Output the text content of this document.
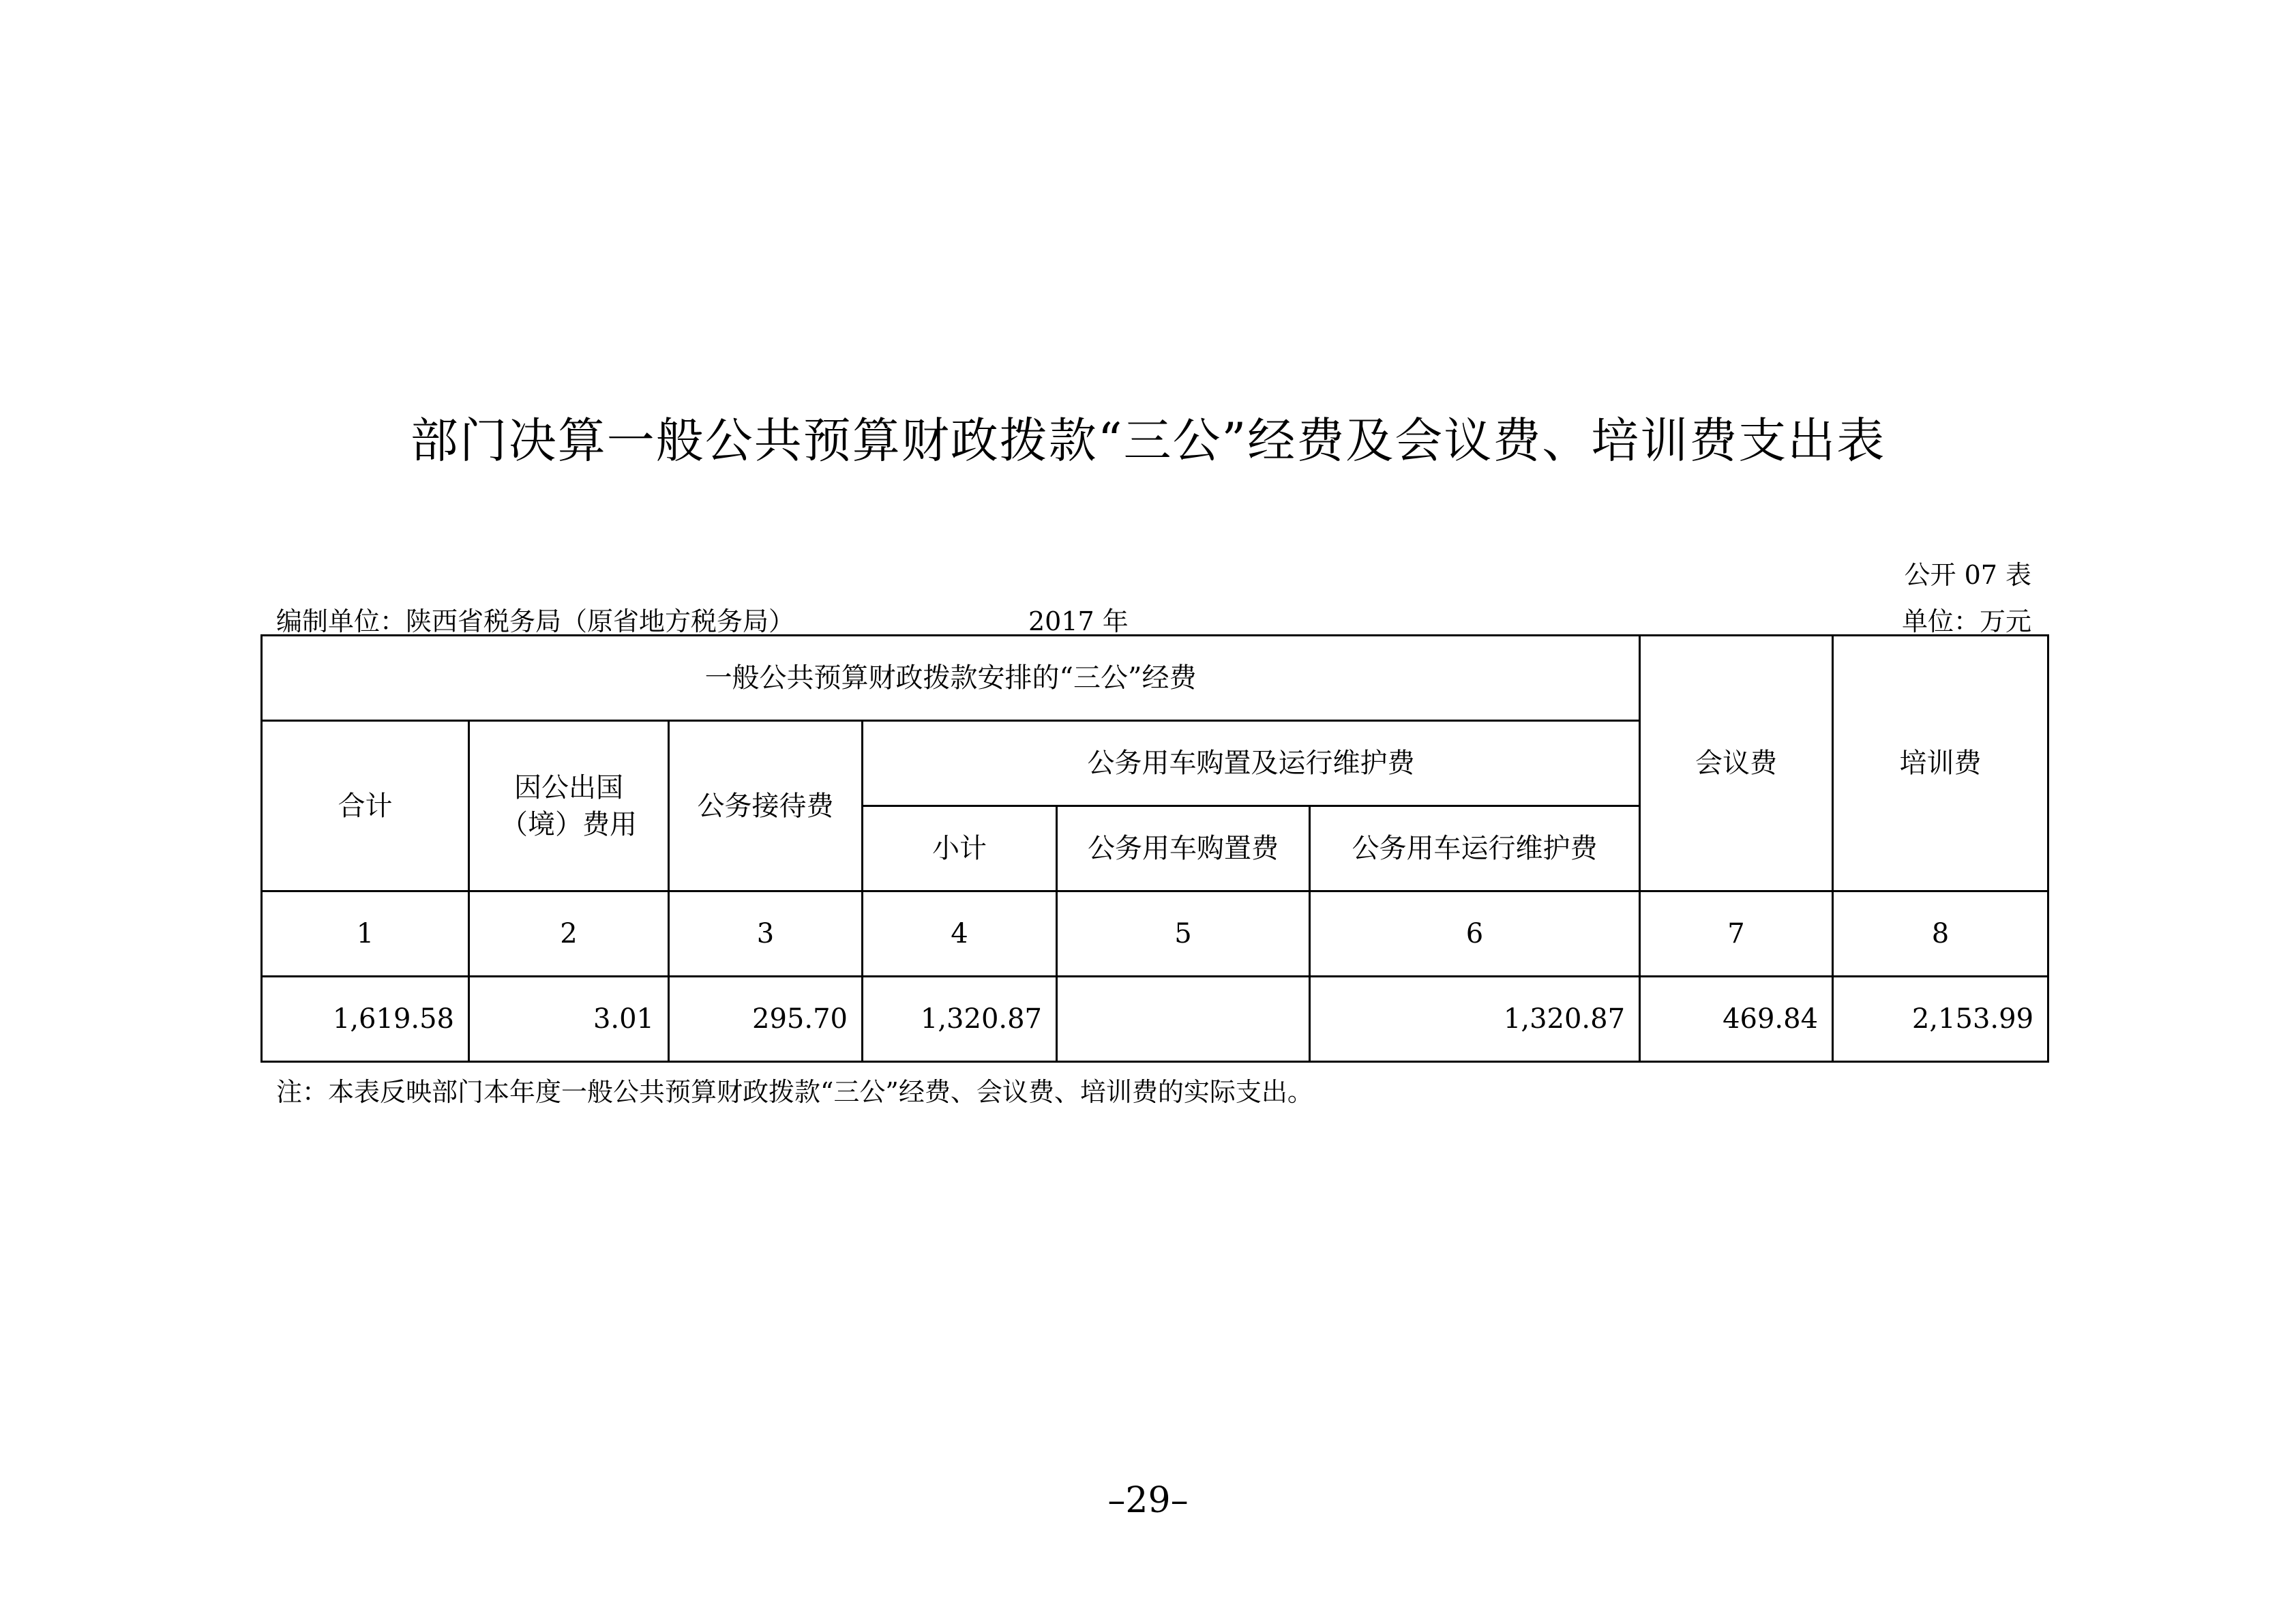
部门决算一般公共预算财政拨款“三公”经费及会议费、培训费支出表
公开 07 表
编制单位：陕西省税务局（原省地方税务局）	2017 年	单位：万元
一般公共预算财政拨款安排的“三公”经费						会议费	培训费
合计	因公出国（境）费用	公务接待费	公务用车购置及运行维护费				
			小计	公务用车购置费	公务用车运行维护费		
1	2	3	4	5	6	7	8
1,619.58	3.01	295.70	1,320.87		1,320.87	469.84	2,153.99
注：本表反映部门本年度一般公共预算财政拨款“三公”经费、会议费、培训费的实际支出。
–29–
